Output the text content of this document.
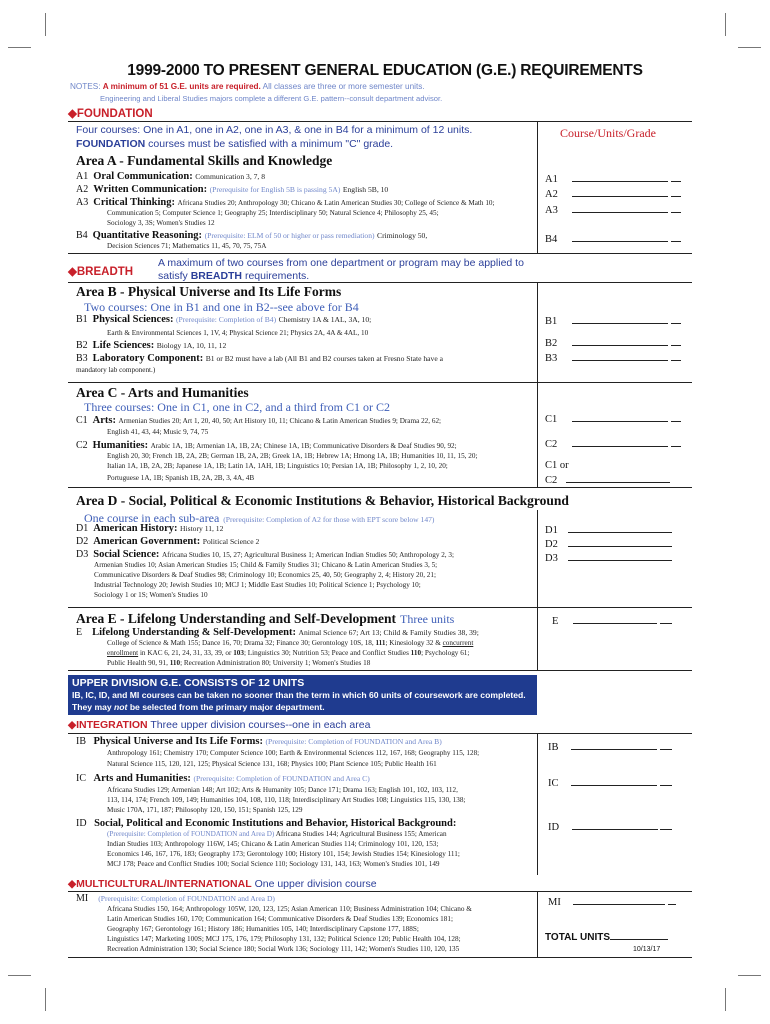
1999-2000 TO PRESENT GENERAL EDUCATION (G.E.) REQUIREMENTS
NOTES: A minimum of 51 G.E. units are required. All classes are three or more semester units.
Engineering and Liberal Studies majors complete a different G.E. pattern--consult department advisor.
◆FOUNDATION
Four courses: One in A1, one in A2, one in A3, & one in B4 for a minimum of 12 units.
FOUNDATION courses must be satisfied with a minimum "C" grade.
Course/Units/Grade
Area A - Fundamental Skills and Knowledge
A1 Oral Communication: Communication 3, 7, 8
A2 Written Communication: (Prerequisite for English 5B is passing 5A) English 5B, 10
A3 Critical Thinking: Africana Studies 20; Anthropology 30; Chicano & Latin American Studies 30; College of Science & Math 10;
Communication 5; Computer Science 1; Geography 25; Interdisciplinary 50; Natural Science 4; Philosophy 25, 45;
Sociology 3, 3S; Women's Studies 12
B4 Quantitative Reasoning: (Prerequisite: ELM of 50 or higher or pass remediation) Criminology 50,
Decision Sciences 71; Mathematics 11, 45, 70, 75, 75A
A1
A2
A3
B4
◆BREADTH
A maximum of two courses from one department or program may be applied to
satisfy BREADTH requirements.
Area B - Physical Universe and Its Life Forms
Two courses: One in B1 and one in B2--see above for B4
B1 Physical Sciences: (Prerequisite: Completion of B4) Chemistry 1A & 1AL, 3A, 10;
Earth & Environmental Sciences 1, 1V, 4; Physical Science 21; Physics 2A, 4A & 4AL, 10
B2 Life Sciences: Biology 1A, 10, 11, 12
B3 Laboratory Component: B1 or B2 must have a lab (All B1 and B2 courses taken at Fresno State have a
mandatory lab component.)
B1
B2
B3
Area C - Arts and Humanities
Three courses: One in C1, one in C2, and a third from C1 or C2
C1 Arts: Armenian Studies 20; Art 1, 20, 40, 50; Art History 10, 11; Chicano & Latin American Studies 9; Drama 22, 62;
English 41, 43, 44; Music 9, 74, 75
C2 Humanities: Arabic 1A, 1B; Armenian 1A, 1B, 2A; Chinese 1A, 1B; Communicative Disorders & Deaf Studies 90, 92;
English 20, 30; French 1B, 2A, 2B; German 1B, 2A, 2B; Greek 1A, 1B; Hebrew 1A; Hmong 1A, 1B; Humanities 10, 11, 15, 20;
Italian 1A, 1B, 2A, 2B; Japanese 1A, 1B; Latin 1A, 1AH, 1B; Linguistics 10; Persian 1A, 1B; Philosophy 1, 2, 10, 20;
Portuguese 1A, 1B; Spanish 1B, 2A, 2B, 3, 4A, 4B
C1
C2
C1 or
C2
Area D - Social, Political & Economic Institutions & Behavior, Historical Background
One course in each sub-area (Prerequisite: Completion of A2 for those with EPT score below 147)
D1 American History: History 11, 12
D2 American Government: Political Science 2
D3 Social Science: Africana Studies 10, 15, 27; Agricultural Business 1; American Indian Studies 50; Anthropology 2, 3;
Armenian Studies 10; Asian American Studies 15; Child & Family Studies 31; Chicano & Latin American Studies 3, 5;
Communicative Disorders & Deaf Studies 98; Criminology 10; Economics 25, 40, 50; Geography 2, 4; History 20, 21;
Industrial Technology 20; Jewish Studies 10; MCJ 1; Middle East Studies 10; Political Science 1; Psychology 10;
Sociology 1 or 1S; Women's Studies 10
D1
D2
D3
Area E - Lifelong Understanding and Self-Development Three units
E Lifelong Understanding & Self-Development: Animal Science 67; Art 13; Child & Family Studies 38, 39;
College of Science & Math 155; Dance 16, 70; Drama 32; Finance 30; Gerontology 10S, 18, 111; Kinesiology 32 & concurrent
enrollment in KAC 6, 21, 24, 31, 33, 39, or 103; Linguistics 30; Nutrition 53; Peace and Conflict Studies 110; Psychology 61;
Public Health 90, 91, 110; Recreation Administration 80; University 1; Women's Studies 18
E
UPPER DIVISION G.E. CONSISTS OF 12 UNITS
IB, IC, ID, and MI courses can be taken no sooner than the term in which 60 units of coursework are completed.
They may not be selected from the primary major department.
◆INTEGRATION Three upper division courses--one in each area
IB Physical Universe and Its Life Forms: (Prerequisite: Completion of FOUNDATION and Area B)
Anthropology 161; Chemistry 170; Computer Science 100; Earth & Environmental Sciences 112, 167, 168; Geography 115, 128;
Natural Science 115, 120, 121, 125; Physical Science 131, 168; Physics 100; Plant Science 105; Public Health 161
IC Arts and Humanities: (Prerequisite: Completion of FOUNDATION and Area C)
Africana Studies 129; Armenian 148; Art 102; Arts & Humanity 105; Dance 171; Drama 163; English 101, 102, 103, 112,
113, 114, 174; French 109, 149; Humanities 104, 108, 110, 118; Interdisciplinary Art Studies 108; Linguistics 115, 130, 138;
Music 170A, 171, 187; Philosophy 120, 150, 151; Spanish 125, 129
ID Social, Political and Economic Institutions and Behavior, Historical Background:
(Prerequisite: Completion of FOUNDATION and Area D) Africana Studies 144; Agricultural Business 155; American
Indian Studies 103; Anthropology 116W, 145; Chicano & Latin American Studies 114; Criminology 101, 120, 153;
Economics 146, 167, 176, 183; Geography 173; Gerontology 100; History 101, 154; Jewish Studies 154; Kinesiology 111;
MCJ 178; Peace and Conflict Studies 100; Social Science 110; Sociology 131, 143, 163; Women's Studies 101, 149
IB
IC
ID
◆MULTICULTURAL/INTERNATIONAL One upper division course
MI (Prerequisite: Completion of FOUNDATION and Area D)
Africana Studies 150, 164; Anthropology 105W, 120, 123, 125; Asian American 110; Business Administration 104; Chicano &
Latin American Studies 160, 170; Communication 164; Communicative Disorders & Deaf Studies 139; Economics 181;
Geography 167; Gerontology 161; History 186; Humanities 105, 140; Interdisciplinary Capstone 177, 188S;
Linguistics 147; Marketing 100S; MCJ 175, 176, 179; Philosophy 131, 132; Political Science 120; Public Health 104, 128;
Recreation Administration 130; Social Science 180; Social Work 136; Sociology 111, 142; Women's Studies 110, 120, 135
MI
TOTAL UNITS
10/13/17
